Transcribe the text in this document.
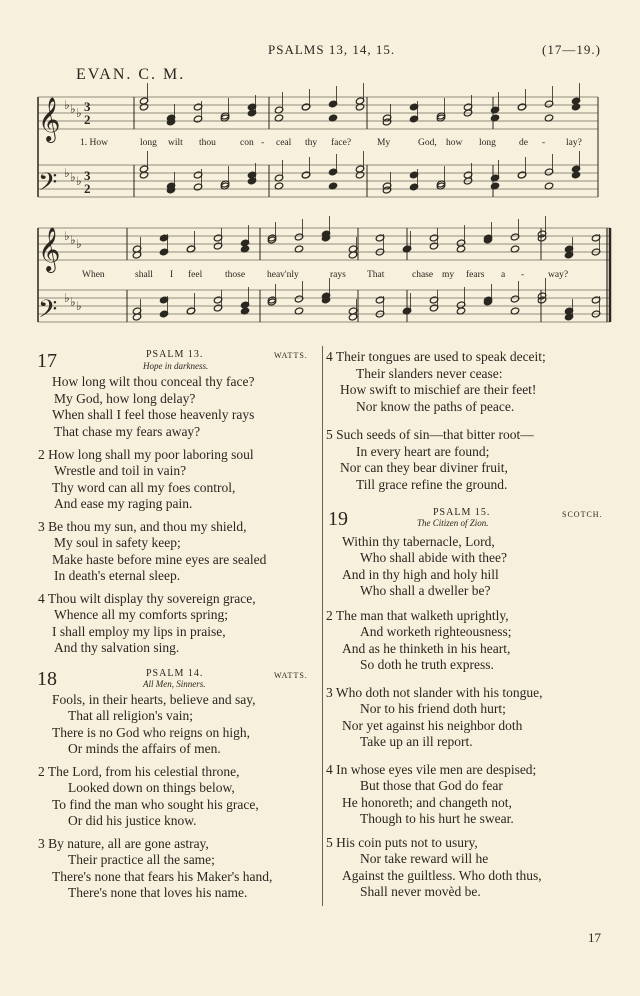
PSALMS 13, 14, 15.	(17—19.)
EVAN. C. M.
♭ ♭ ♭
♭ ♭ ♭
♭ ♭ ♭
♭ ♭ ♭
𝄞
𝄢
𝄞
𝄢
3
2
3
2
1. How	long wilt thou	con - ceal thy face?	My	God, how long de - lay?
When	shall I feel those heav'nly	rays That	chase my fears a -	way?
17	PSALM 13.	WATTS.
Hope in darkness.
How long wilt thou conceal thy face?
My God, how long delay?
When shall I feel those heavenly rays
That chase my fears away?
2 How long shall my poor laboring soul
Wrestle and toil in vain?
Thy word can all my foes control,
And ease my raging pain.
3 Be thou my sun, and thou my shield,
My soul in safety keep;
Make haste before mine eyes are sealed
In death's eternal sleep.
4 Thou wilt display thy sovereign grace,
Whence all my comforts spring;
I shall employ my lips in praise,
And thy salvation sing.
18	PSALM 14.	WATTS.
All Men, Sinners.
Fools, in their hearts, believe and say,
That all religion's vain;
There is no God who reigns on high,
Or minds the affairs of men.
2 The Lord, from his celestial throne,
Looked down on things below,
To find the man who sought his grace,
Or did his justice know.
3 By nature, all are gone astray,
Their practice all the same;
There's none that fears his Maker's hand,
There's none that loves his name.
4 Their tongues are used to speak deceit;
Their slanders never cease:
How swift to mischief are their feet!
Nor know the paths of peace.
5 Such seeds of sin—that bitter root—
In every heart are found;
Nor can they bear diviner fruit,
Till grace refine the ground.
19	PSALM 15.	SCOTCH.
The Citizen of Zion.
Within thy tabernacle, Lord,
Who shall abide with thee?
And in thy high and holy hill
Who shall a dweller be?
2 The man that walketh uprightly,
And worketh righteousness;
And as he thinketh in his heart,
So doth he truth express.
3 Who doth not slander with his tongue,
Nor to his friend doth hurt;
Nor yet against his neighbor doth
Take up an ill report.
4 In whose eyes vile men are despised;
But those that God do fear
He honoreth; and changeth not,
Though to his hurt he swear.
5 His coin puts not to usury,
Nor take reward will he
Against the guiltless. Who doth thus,
Shall never movèd be.
17
